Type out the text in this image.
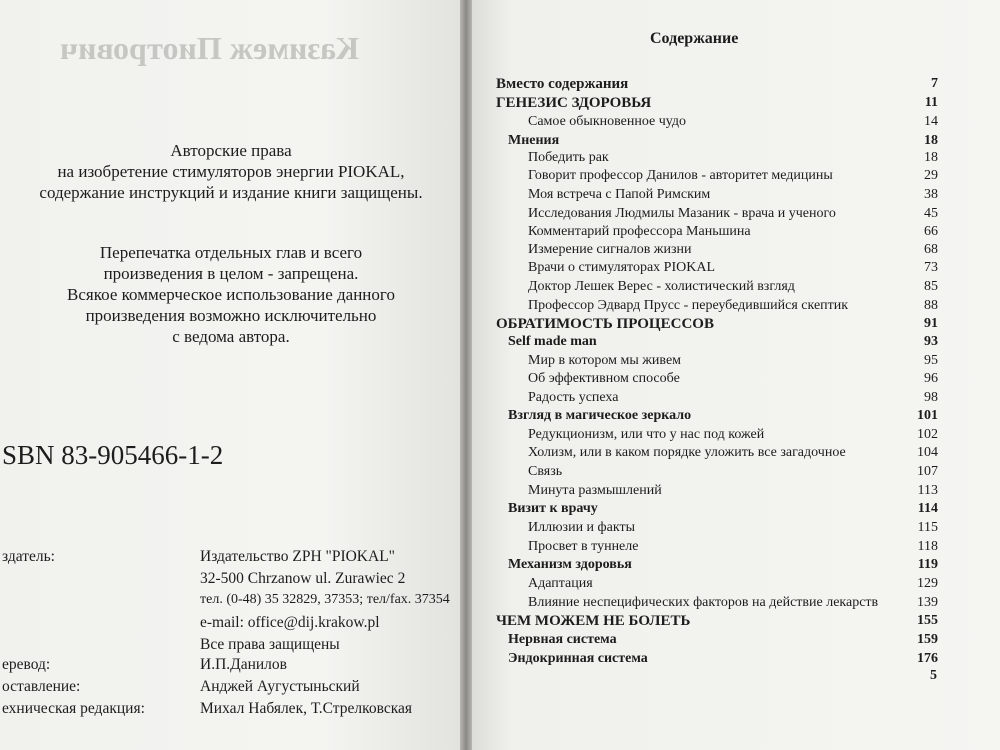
Казимеж Пиотрович
Авторские права
на изобретение стимуляторов энергии PIOKAL,
содержание инструкций и издание книги защищены.
Перепечатка отдельных глав и всего
произведения в целом - запрещена.
Всякое коммерческое использование данного
произведения возможно исключительно
с ведома автора.
SBN 83-905466-1-2
здатель:	Издательство ZPH "PIOKAL"
32-500 Chrzanow ul. Zurawiec 2
тел. (0-48) 35 32829, 37353; тел/fax. 37354
e-mail: office@dij.krakow.pl
Все права защищены
еревод:	И.П.Данилов
оставление:	Анджей Аугустыньский
ехническая редакция:	Михал Набялек, Т.Стрелковская
Содержание
Вместо содержания	7
ГЕНЕЗИС ЗДОРОВЬЯ	11
Самое обыкновенное чудо	14
Мнения	18
Победить рак	18
Говорит профессор Данилов - авторитет медицины	29
Моя встреча с Папой Римским	38
Исследования Людмилы Мазаник - врача и ученого	45
Комментарий профессора Маньшина	66
Измерение сигналов жизни	68
Врачи о стимуляторах PIOKAL	73
Доктор Лешек Верес - холистический взгляд	85
Профессор Эдвард Прусс - переубедившийся скептик	88
ОБРАТИМОСТЬ ПРОЦЕССОВ	91
Self made man	93
Мир в котором мы живем	95
Об эффективном способе	96
Радость успеха	98
Взгляд в магическое зеркало	101
Редукционизм, или что у нас под кожей	102
Холизм, или в каком порядке уложить все загадочное	104
Связь	107
Минута размышлений	113
Визит к врачу	114
Иллюзии и факты	115
Просвет в туннеле	118
Механизм здоровья	119
Адаптация	129
Влияние неспецифических факторов на действие лекарств	139
ЧЕМ МОЖЕМ НЕ БОЛЕТЬ	155
Нервная система	159
Эндокринная система	176
5
